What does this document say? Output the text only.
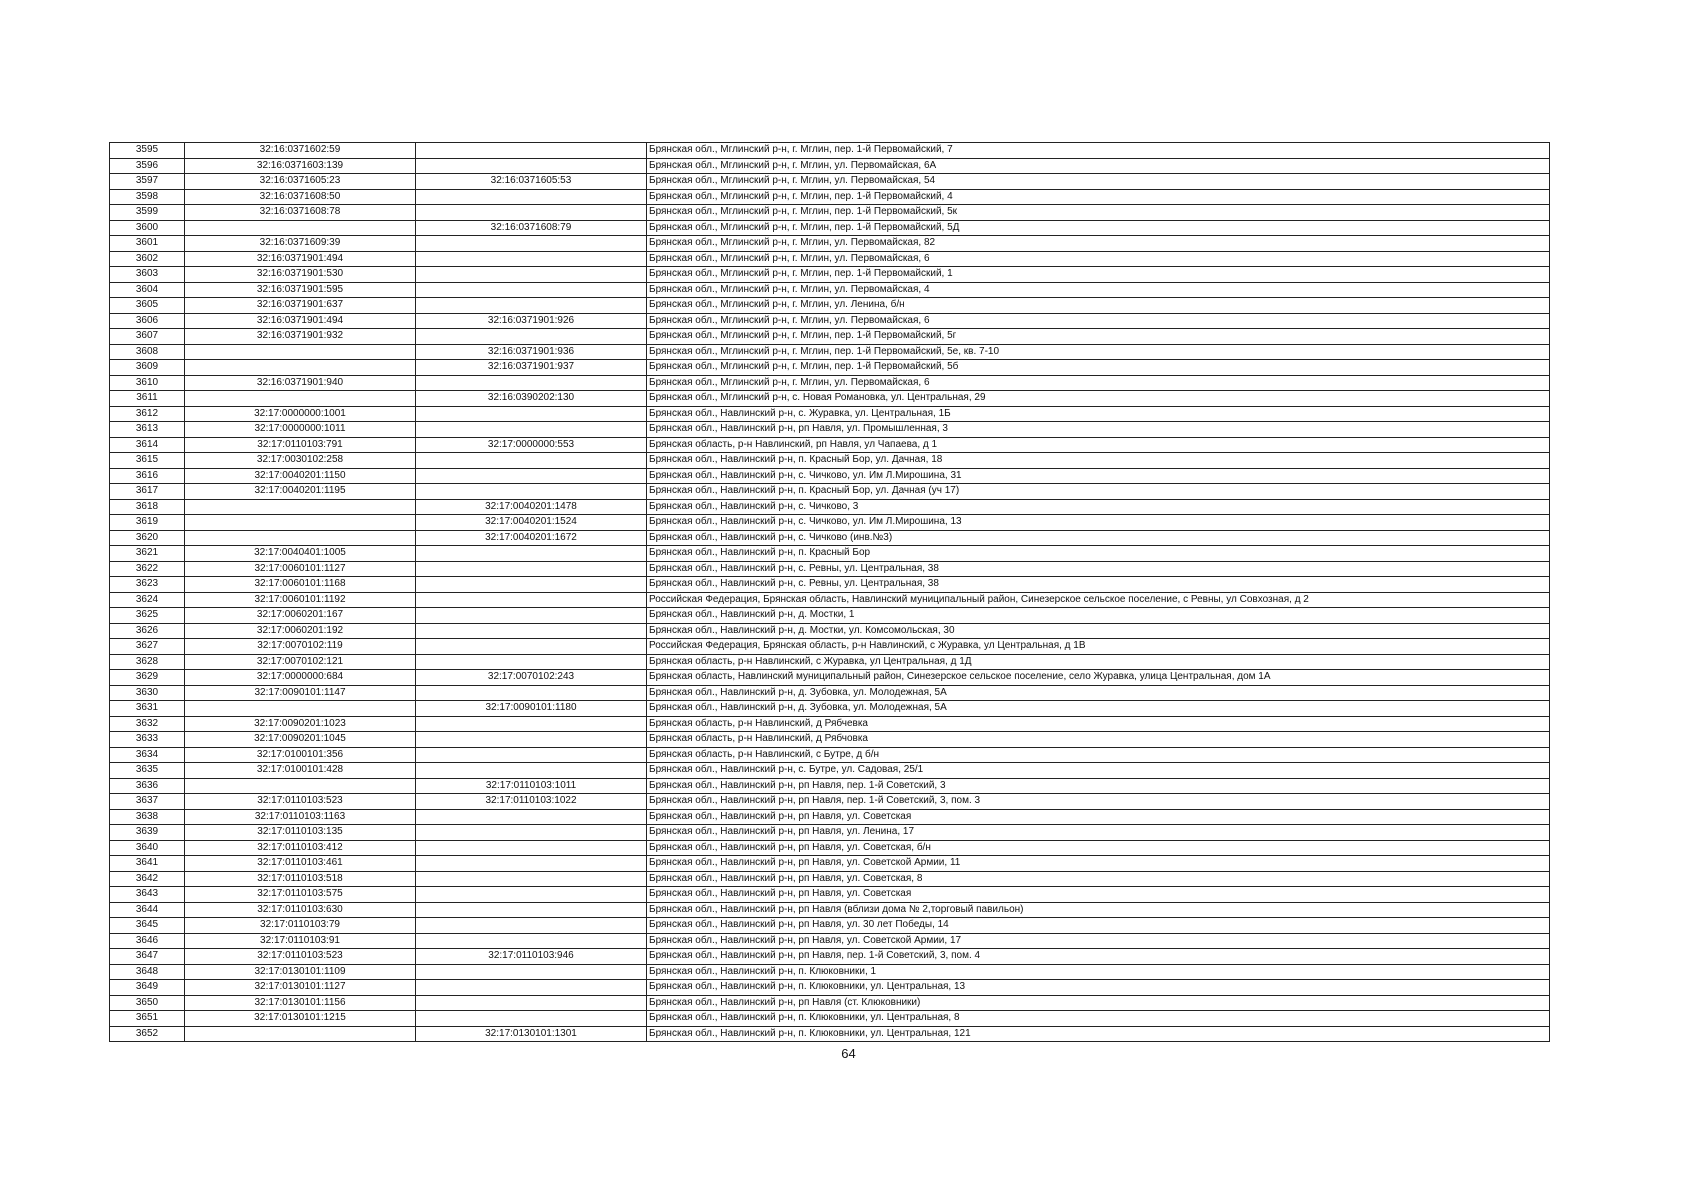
3595	32:16:0371602:59		Брянская обл., Мглинский р-н, г. Мглин, пер. 1-й Первомайский, 7
3596	32:16:0371603:139		Брянская обл., Мглинский р-н, г. Мглин, ул. Первомайская, 6А
3597	32:16:0371605:23	32:16:0371605:53	Брянская обл., Мглинский р-н, г. Мглин, ул. Первомайская, 54
3598	32:16:0371608:50		Брянская обл., Мглинский р-н, г. Мглин, пер. 1-й Первомайский, 4
3599	32:16:0371608:78		Брянская обл., Мглинский р-н, г. Мглин, пер. 1-й Первомайский, 5к
3600		32:16:0371608:79	Брянская обл., Мглинский р-н, г. Мглин, пер. 1-й Первомайский, 5Д
3601	32:16:0371609:39		Брянская обл., Мглинский р-н, г. Мглин, ул. Первомайская, 82
3602	32:16:0371901:494		Брянская обл., Мглинский р-н, г. Мглин, ул. Первомайская, 6
3603	32:16:0371901:530		Брянская обл., Мглинский р-н, г. Мглин, пер. 1-й Первомайский, 1
3604	32:16:0371901:595		Брянская обл., Мглинский р-н, г. Мглин, ул. Первомайская, 4
3605	32:16:0371901:637		Брянская обл., Мглинский р-н, г. Мглин, ул. Ленина, б/н
3606	32:16:0371901:494	32:16:0371901:926	Брянская обл., Мглинский р-н, г. Мглин, ул. Первомайская, 6
3607	32:16:0371901:932		Брянская обл., Мглинский р-н, г. Мглин, пер. 1-й Первомайский, 5г
3608		32:16:0371901:936	Брянская обл., Мглинский р-н, г. Мглин, пер. 1-й Первомайский, 5е, кв. 7-10
3609		32:16:0371901:937	Брянская обл., Мглинский р-н, г. Мглин, пер. 1-й Первомайский, 5б
3610	32:16:0371901:940		Брянская обл., Мглинский р-н, г. Мглин, ул. Первомайская, 6
3611		32:16:0390202:130	Брянская обл., Мглинский р-н, с. Новая Романовка, ул. Центральная, 29
3612	32:17:0000000:1001		Брянская обл., Навлинский р-н, с. Журавка, ул. Центральная, 1Б
3613	32:17:0000000:1011		Брянская обл., Навлинский р-н, рп Навля, ул. Промышленная, 3
3614	32:17:0110103:791	32:17:0000000:553	Брянская область, р-н Навлинский, рп Навля, ул Чапаева, д 1
3615	32:17:0030102:258		Брянская обл., Навлинский р-н, п. Красный Бор, ул. Дачная, 18
3616	32:17:0040201:1150		Брянская обл., Навлинский р-н, с. Чичково, ул. Им Л.Мирошина, 31
3617	32:17:0040201:1195		Брянская обл., Навлинский р-н, п. Красный Бор, ул. Дачная (уч 17)
3618		32:17:0040201:1478	Брянская обл., Навлинский р-н, с. Чичково, 3
3619		32:17:0040201:1524	Брянская обл., Навлинский р-н, с. Чичково, ул. Им Л.Мирошина, 13
3620		32:17:0040201:1672	Брянская обл., Навлинский р-н, с. Чичково (инв.№3)
3621	32:17:0040401:1005		Брянская обл., Навлинский р-н, п. Красный Бор
3622	32:17:0060101:1127		Брянская обл., Навлинский р-н, с. Ревны, ул. Центральная, 38
3623	32:17:0060101:1168		Брянская обл., Навлинский р-н, с. Ревны, ул. Центральная, 38
3624	32:17:0060101:1192		Российская Федерация, Брянская область, Навлинский муниципальный район, Синезерское сельское поселение, с Ревны, ул Совхозная, д 2
3625	32:17:0060201:167		Брянская обл., Навлинский р-н, д. Мостки, 1
3626	32:17:0060201:192		Брянская обл., Навлинский р-н, д. Мостки, ул. Комсомольская, 30
3627	32:17:0070102:119		Российская Федерация, Брянская область, р-н Навлинский, с Журавка, ул Центральная, д 1В
3628	32:17:0070102:121		Брянская область, р-н Навлинский, с Журавка, ул Центральная, д 1Д
3629	32:17:0000000:684	32:17:0070102:243	Брянская область, Навлинский муниципальный район, Синезерское сельское поселение, село Журавка, улица Центральная, дом 1А
3630	32:17:0090101:1147		Брянская обл., Навлинский р-н, д. Зубовка, ул. Молодежная, 5А
3631		32:17:0090101:1180	Брянская обл., Навлинский р-н, д. Зубовка, ул. Молодежная, 5А
3632	32:17:0090201:1023		Брянская область, р-н Навлинский, д Рябчевка
3633	32:17:0090201:1045		Брянская область, р-н Навлинский, д Рябчовка
3634	32:17:0100101:356		Брянская область, р-н Навлинский, с Бутре, д б/н
3635	32:17:0100101:428		Брянская обл., Навлинский р-н, с. Бутре, ул. Садовая, 25/1
3636		32:17:0110103:1011	Брянская обл., Навлинский р-н, рп Навля, пер. 1-й Советский, 3
3637	32:17:0110103:523	32:17:0110103:1022	Брянская обл., Навлинский р-н, рп Навля, пер. 1-й Советский, 3, пом. 3
3638	32:17:0110103:1163		Брянская обл., Навлинский р-н, рп Навля, ул. Советская
3639	32:17:0110103:135		Брянская обл., Навлинский р-н, рп Навля, ул. Ленина, 17
3640	32:17:0110103:412		Брянская обл., Навлинский р-н, рп Навля, ул. Советская, б/н
3641	32:17:0110103:461		Брянская обл., Навлинский р-н, рп Навля, ул. Советской Армии, 11
3642	32:17:0110103:518		Брянская обл., Навлинский р-н, рп Навля, ул. Советская, 8
3643	32:17:0110103:575		Брянская обл., Навлинский р-н, рп Навля, ул. Советская
3644	32:17:0110103:630		Брянская обл., Навлинский р-н, рп Навля (вблизи дома № 2,торговый павильон)
3645	32:17:0110103:79		Брянская обл., Навлинский р-н, рп Навля, ул. 30 лет Победы, 14
3646	32:17:0110103:91		Брянская обл., Навлинский р-н, рп Навля, ул. Советской Армии, 17
3647	32:17:0110103:523	32:17:0110103:946	Брянская обл., Навлинский р-н, рп Навля, пер. 1-й Советский, 3, пом. 4
3648	32:17:0130101:1109		Брянская обл., Навлинский р-н, п. Клюковники, 1
3649	32:17:0130101:1127		Брянская обл., Навлинский р-н, п. Клюковники, ул. Центральная, 13
3650	32:17:0130101:1156		Брянская обл., Навлинский р-н, рп Навля (ст. Клюковники)
3651	32:17:0130101:1215		Брянская обл., Навлинский р-н, п. Клюковники, ул. Центральная, 8
3652		32:17:0130101:1301	Брянская обл., Навлинский р-н, п. Клюковники, ул. Центральная, 121
64
